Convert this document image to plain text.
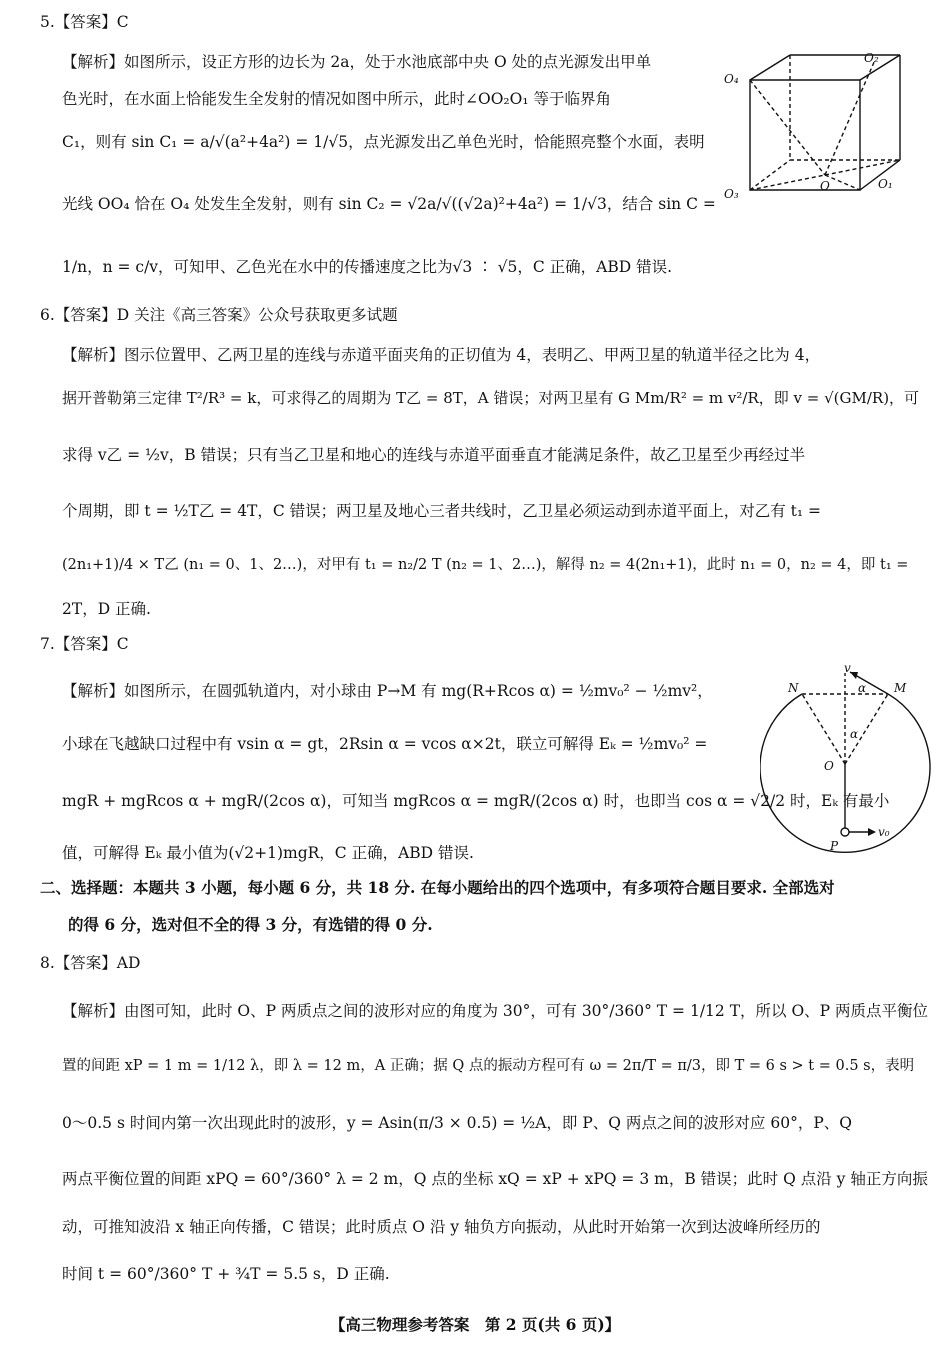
5.【答案】C
【解析】如图所示，设正方形的边长为 2a，处于水池底部中央 O 处的点光源发出甲单
色光时，在水面上恰能发生全发射的情况如图中所示，此时∠OO₂O₁ 等于临界角
C₁，则有 sin C₁ = a/√(a²+4a²) = 1/√5，点光源发出乙单色光时，恰能照亮整个水面，表明
光线 OO₄ 恰在 O₄ 处发生全发射，则有 sin C₂ = √2a/√((√2a)²+4a²) = 1/√3，结合 sin C =
1/n，n = c/v，可知甲、乙色光在水中的传播速度之比为√3 ∶ √5，C 正确，ABD 错误.
O₄
O₂
O	O₁
O₃
6.【答案】D 关注《高三答案》公众号获取更多试题
【解析】图示位置甲、乙两卫星的连线与赤道平面夹角的正切值为 4，表明乙、甲两卫星的轨道半径之比为 4，
据开普勒第三定律 T²/R³ = k，可求得乙的周期为 T乙 = 8T，A 错误；对两卫星有 G Mm/R² = m v²/R，即 v = √(GM/R)，可
求得 v乙 = ½v，B 错误；只有当乙卫星和地心的连线与赤道平面垂直才能满足条件，故乙卫星至少再经过半
个周期，即 t = ½T乙 = 4T，C 错误；两卫星及地心三者共线时，乙卫星必须运动到赤道平面上，对乙有 t₁ =
(2n₁+1)/4 × T乙 (n₁ = 0、1、2…)，对甲有 t₁ = n₂/2 T (n₂ = 1、2…)，解得 n₂ = 4(2n₁+1)，此时 n₁ = 0，n₂ = 4，即 t₁ =
2T，D 正确.
7.【答案】C
【解析】如图所示，在圆弧轨道内，对小球由 P→M 有 mg(R+Rcos α) = ½mv₀² − ½mv²，
小球在飞越缺口过程中有 vsin α = gt，2Rsin α = vcos α×2t，联立可解得 Eₖ = ½mv₀² =
mgR + mgRcos α + mgR/(2cos α)，可知当 mgRcos α = mgR/(2cos α) 时，也即当 cos α = √2/2 时，Eₖ 有最小
值，可解得 Eₖ 最小值为(√2+1)mgR，C 正确，ABD 错误.
v
N	M
α
α
O
P
v₀
二、选择题：本题共 3 小题，每小题 6 分，共 18 分. 在每小题给出的四个选项中，有多项符合题目要求. 全部选对
的得 6 分，选对但不全的得 3 分，有选错的得 0 分.
8.【答案】AD
【解析】由图可知，此时 O、P 两质点之间的波形对应的角度为 30°，可有 30°/360° T = 1/12 T，所以 O、P 两质点平衡位
置的间距 xP = 1 m = 1/12 λ，即 λ = 12 m，A 正确；据 Q 点的振动方程可有 ω = 2π/T = π/3，即 T = 6 s > t = 0.5 s，表明
0～0.5 s 时间内第一次出现此时的波形，y = Asin(π/3 × 0.5) = ½A，即 P、Q 两点之间的波形对应 60°，P、Q
两点平衡位置的间距 xPQ = 60°/360° λ = 2 m，Q 点的坐标 xQ = xP + xPQ = 3 m，B 错误；此时 Q 点沿 y 轴正方向振
动，可推知波沿 x 轴正向传播，C 错误；此时质点 O 沿 y 轴负方向振动，从此时开始第一次到达波峰所经历的
时间 t = 60°/360° T + ¾T = 5.5 s，D 正确.
【高三物理参考答案　第 2 页(共 6 页)】
